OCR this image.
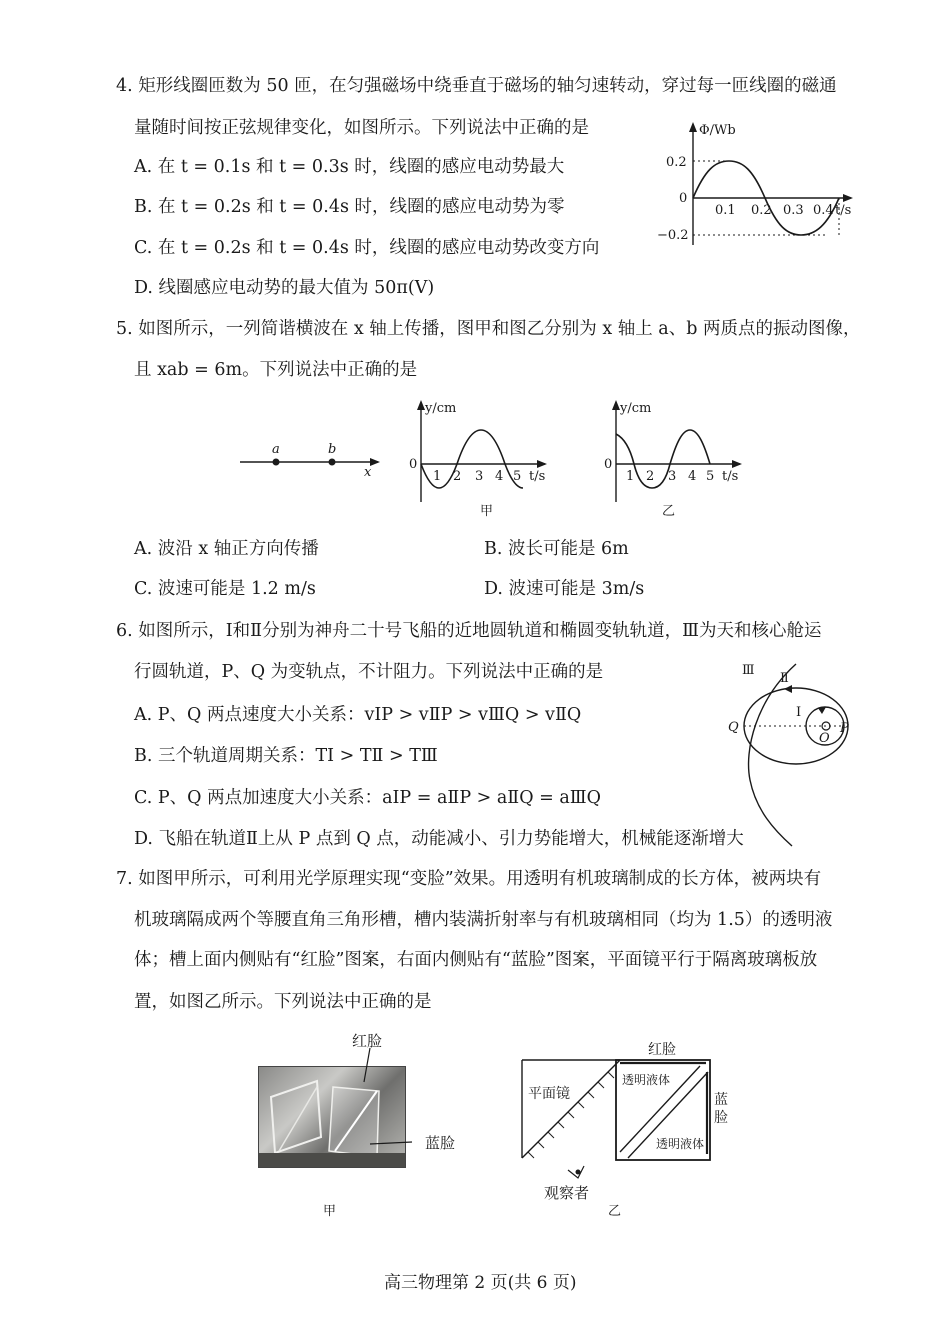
4. 矩形线圈匝数为 50 匝，在匀强磁场中绕垂直于磁场的轴匀速转动，穿过每一匝线圈的磁通
量随时间按正弦规律变化，如图所示。下列说法中正确的是
A. 在 t = 0.1s 和 t = 0.3s 时，线圈的感应电动势最大
B. 在 t = 0.2s 和 t = 0.4s 时，线圈的感应电动势为零
C. 在 t = 0.2s 和 t = 0.4s 时，线圈的感应电动势改变方向
D. 线圈感应电动势的最大值为 50π(V)
Φ/Wb
0.2
0
−0.2
0.1 0.2 0.3 0.4 t/s
5. 如图所示，一列简谐横波在 x 轴上传播，图甲和图乙分别为 x 轴上 a、b 两质点的振动图像，
且 xab = 6m。下列说法中正确的是
a	b
x
y/cm
0
1 2 3 4 5 t/s
甲
y/cm
0
1 2 3 4 5 t/s
乙
A. 波沿 x 轴正方向传播	B. 波长可能是 6m
C. 波速可能是 1.2 m/s	D. 波速可能是 3m/s
6. 如图所示，Ⅰ和Ⅱ分别为神舟二十号飞船的近地圆轨道和椭圆变轨轨道，Ⅲ为天和核心舱运
行圆轨道，P、Q 为变轨点，不计阻力。下列说法中正确的是
A. P、Q 两点速度大小关系：vⅠP > vⅡP > vⅢQ > vⅡQ
B. 三个轨道周期关系：TⅠ > TⅡ > TⅢ
C. P、Q 两点加速度大小关系：aⅠP = aⅡP > aⅡQ = aⅢQ
D. 飞船在轨道Ⅱ上从 P 点到 Q 点，动能减小、引力势能增大，机械能逐渐增大
Ⅲ
Ⅱ
Ⅰ
Q	P
O
7. 如图甲所示，可利用光学原理实现“变脸”效果。用透明有机玻璃制成的长方体，被两块有
机玻璃隔成两个等腰直角三角形槽，槽内装满折射率与有机玻璃相同（均为 1.5）的透明液
体；槽上面内侧贴有“红脸”图案，右面内侧贴有“蓝脸”图案，平面镜平行于隔离玻璃板放
置，如图乙所示。下列说法中正确的是
红脸
蓝脸
甲
平面镜
红脸
透明液体
透明液体
蓝
脸
观察者
乙
高三物理第 2 页(共 6 页)
